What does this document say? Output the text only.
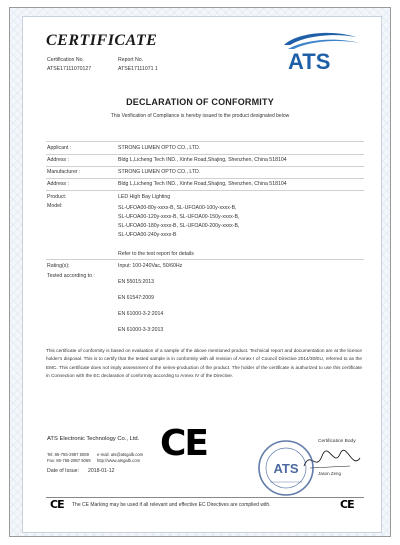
CERTIFICATE
Certification No.
ATSE17111070127
Report No.
ATSE17111071 1	ATS
DECLARATION OF CONFORMITY
This Verification of Compliance is hereby issued to the product designated below
Applicant :	STRONG LUMEN OPTO CO., LTD.
Address :	Bldg L,Licheng Tech IND., Xinhe Road,Shajing, Shenzhen, China 518104
Manufacturer :	STRONG LUMEN OPTO CO., LTD.
Address :	Bldg L,Licheng Tech IND., Xinhe Road,Shajing, Shenzhen, China 518104
Product:	LED High Bay Lighting
Model:	SL-UFOA00-80y-xxxx-B, SL-UFOA00-100y-xxxx-B,
SL-UFOA00-120y-xxxx-B, SL-UFOA00-150y-xxxx-B,
SL-UFOA00-180y-xxxx-B, SL-UFOA00-200y-xxxx-B,
SL-UFOA00-240y-xxxx-B
Refer to the test report for details
Rating(s):	Input: 100-240Vac, 50/60Hz
Tested according to :
EN 55015:2013
EN 61547:2009
EN 61000-3-2:2014
EN 61000-3-3:2013
This certificate of conformity is based on evaluation of a sample of the above mentioned product. Technical report and documentation are at the licence holder's disposal. This is to certify that the tested sample is in conformity with all revision of Annex I of Council Directive 2014/30/EU, referred to as the EMC. This certificate does not imply assessment of the series-production of the product. The holder of the certificate is authorized to use this certificate in Connection with the EC declaration of conformity according to Annex IV of the Directive.
ATS Electronic Technology Co., Ltd.
Tel: 86-755-2987 5089
Fax: 86-755-2987 5069
e-mail: ats@atsgalb.com
http://www.atsgalb.com CE	Certification Body
Jason Zeng
ATS
Date of Issue: 2018-01-12
CE The CE Marking may be used if all relevant and effective EC Directives are complied with.	CE
